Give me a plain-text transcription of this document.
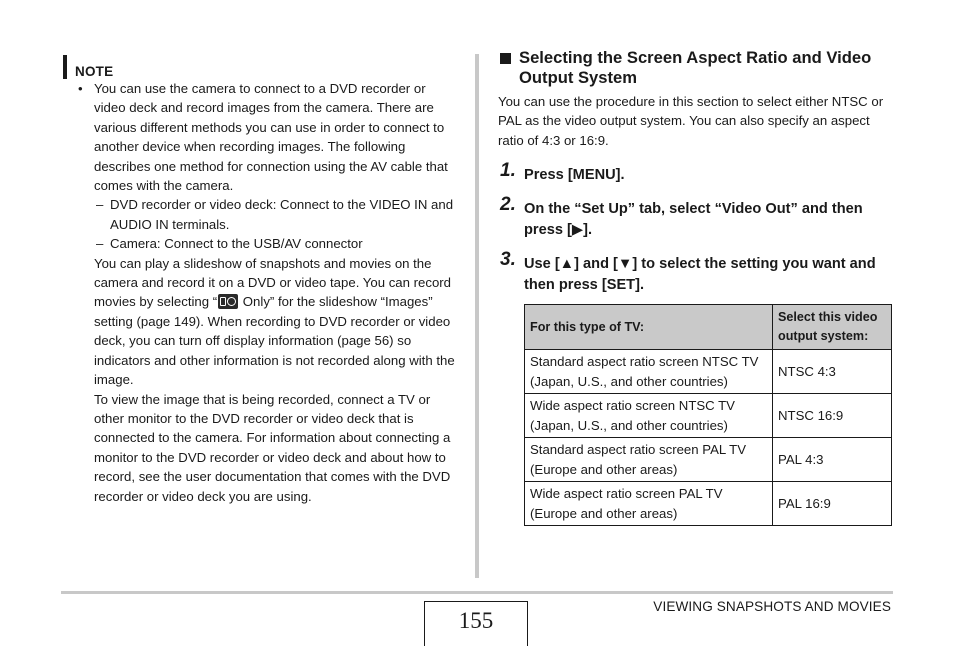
NOTE
• You can use the camera to connect to a DVD recorder or video deck and record images from the camera. There are various different methods you can use in order to connect to another device when recording images. The following describes one method for connection using the AV cable that comes with the camera.
– DVD recorder or video deck: Connect to the VIDEO IN and AUDIO IN terminals.
– Camera: Connect to the USB/AV connector
You can play a slideshow of snapshots and movies on the camera and record it on a DVD or video tape. You can record movies by selecting “ Only” for the slideshow “Images” setting (page 149). When recording to DVD recorder or video deck, you can turn off display information (page 56) so indicators and other information is not recorded along with the image.
To view the image that is being recorded, connect a TV or other monitor to the DVD recorder or video deck that is connected to the camera. For information about connecting a monitor to the DVD recorder or video deck and about how to record, see the user documentation that comes with the DVD recorder or video deck you are using.
Selecting the Screen Aspect Ratio and Video Output System
You can use the procedure in this section to select either NTSC or PAL as the video output system. You can also specify an aspect ratio of 4:3 or 16:9.
1. Press [MENU].
2. On the “Set Up” tab, select “Video Out” and then press [▶].
3. Use [▲] and [▼] to select the setting you want and then press [SET].
For this type of TV:	Select this video output system:
Standard aspect ratio screen NTSC TV (Japan, U.S., and other countries)	NTSC 4:3
Wide aspect ratio screen NTSC TV (Japan, U.S., and other countries)	NTSC 16:9
Standard aspect ratio screen PAL TV (Europe and other areas)	PAL 4:3
Wide aspect ratio screen PAL TV (Europe and other areas)	PAL 16:9
155
VIEWING SNAPSHOTS AND MOVIES
